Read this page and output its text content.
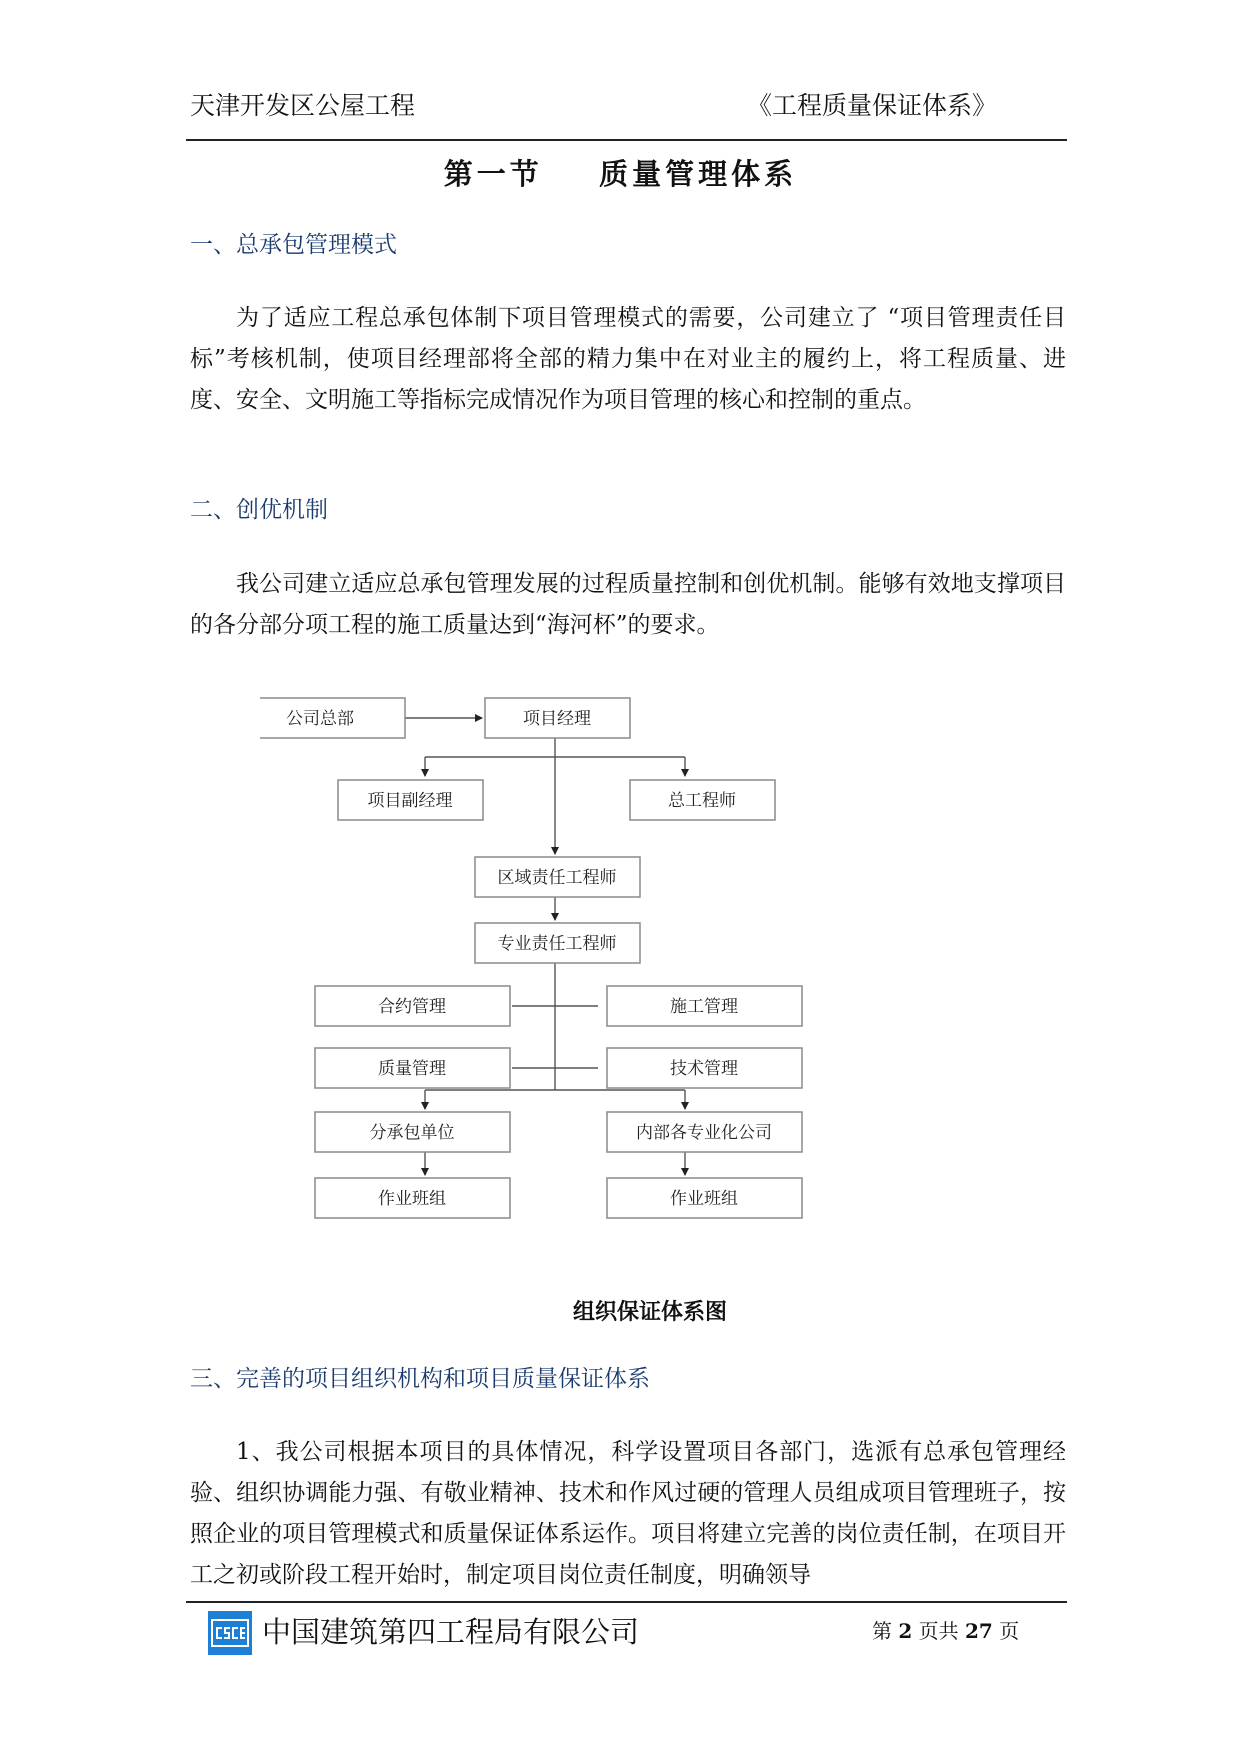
天津开发区公屋工程	《工程质量保证体系》
第一节    质量管理体系
一、总承包管理模式

为了适应工程总承包体制下项目管理模式的需要，公司建立了 “项目管理责任目标”考核机制，使项目经理部将全部的精力集中在对业主的履约上，将工程质量、进度、安全、文明施工等指标完成情况作为项目管理的核心和控制的重点。

二、创优机制

我公司建立适应总承包管理发展的过程质量控制和创优机制。能够有效地支撑项目的各分部分项工程的施工质量达到“海河杯”的要求。

公司总部	项目经理
项目副经理	总工程师
区域责任工程师
专业责任工程师
合约管理	施工管理
质量管理	技术管理
分承包单位	内部各专业化公司
作业班组	作业班组
组织保证体系图
三、完善的项目组织机构和项目质量保证体系

1、我公司根据本项目的具体情况，科学设置项目各部门，选派有总承包管理经验、组织协调能力强、有敬业精神、技术和作风过硬的管理人员组成项目管理班子，按照企业的项目管理模式和质量保证体系运作。项目将建立完善的岗位责任制，在项目开工之初或阶段工程开始时，制定项目岗位责任制度，明确领导

中国建筑第四工程局有限公司	第 2 页共 27 页
